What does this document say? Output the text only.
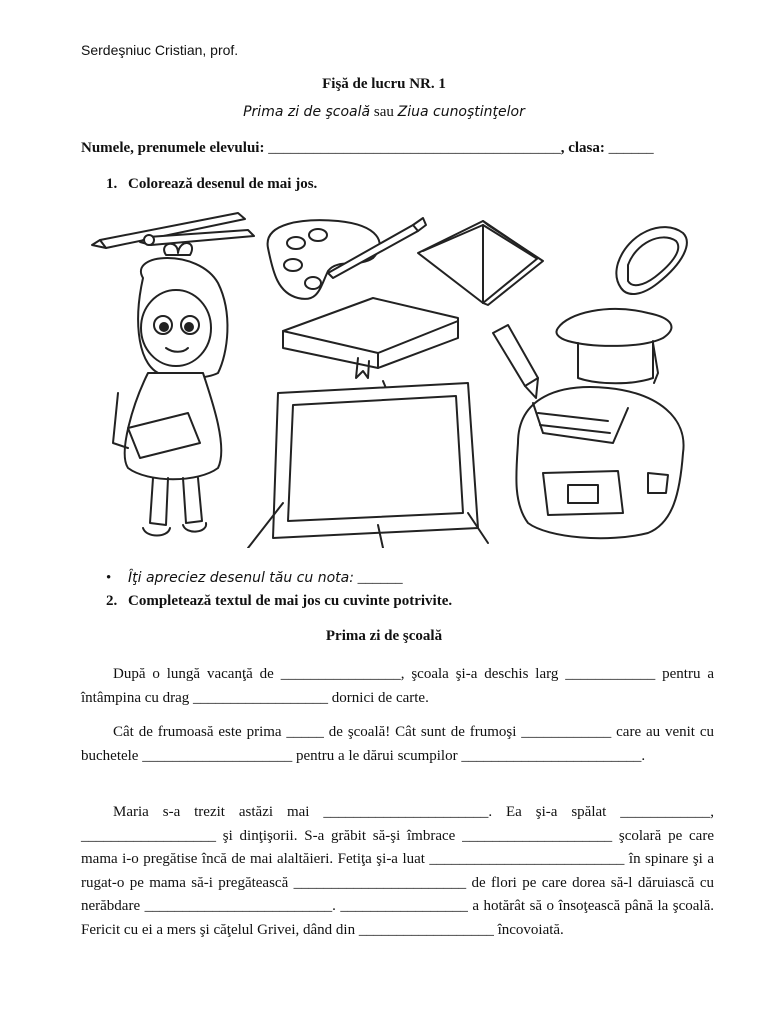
Serdeşniuc Cristian, prof.
Fişă de lucru NR. 1
Prima zi de şcoală sau Ziua cunoştinţelor
Numele, prenumele elevului: _______________________________________, clasa: ______
1. Colorează desenul de mai jos.
• Îţi apreciez desenul tău cu nota: ______
2. Completează textul de mai jos cu cuvinte potrivite.
Prima zi de şcoală
După o lungă vacanţă de ________________, şcoala şi-a deschis larg ____________ pentru a întâmpina cu drag __________________ dornici de carte.
Cât de frumoasă este prima _____ de şcoală! Cât sunt de frumoşi ____________ care au venit cu buchetele ____________________ pentru a le dărui scumpilor ________________________.
Maria s-a trezit astăzi mai ______________________. Ea şi-a spălat ____________, __________________ şi dinţişorii. S-a grăbit să-şi îmbrace ____________________ şcolară pe care mama i-o pregătise încă de mai alaltăieri. Fetiţa şi-a luat __________________________ în spinare şi a rugat-o pe mama să-i pregătească _______________________ de flori pe care dorea să-l dăruiască cu nerăbdare _________________________. _________________ a hotărât să o însoţească până la şcoală. Fericit cu ei a mers şi căţelul Grivei, dând din __________________ încovoiată.
